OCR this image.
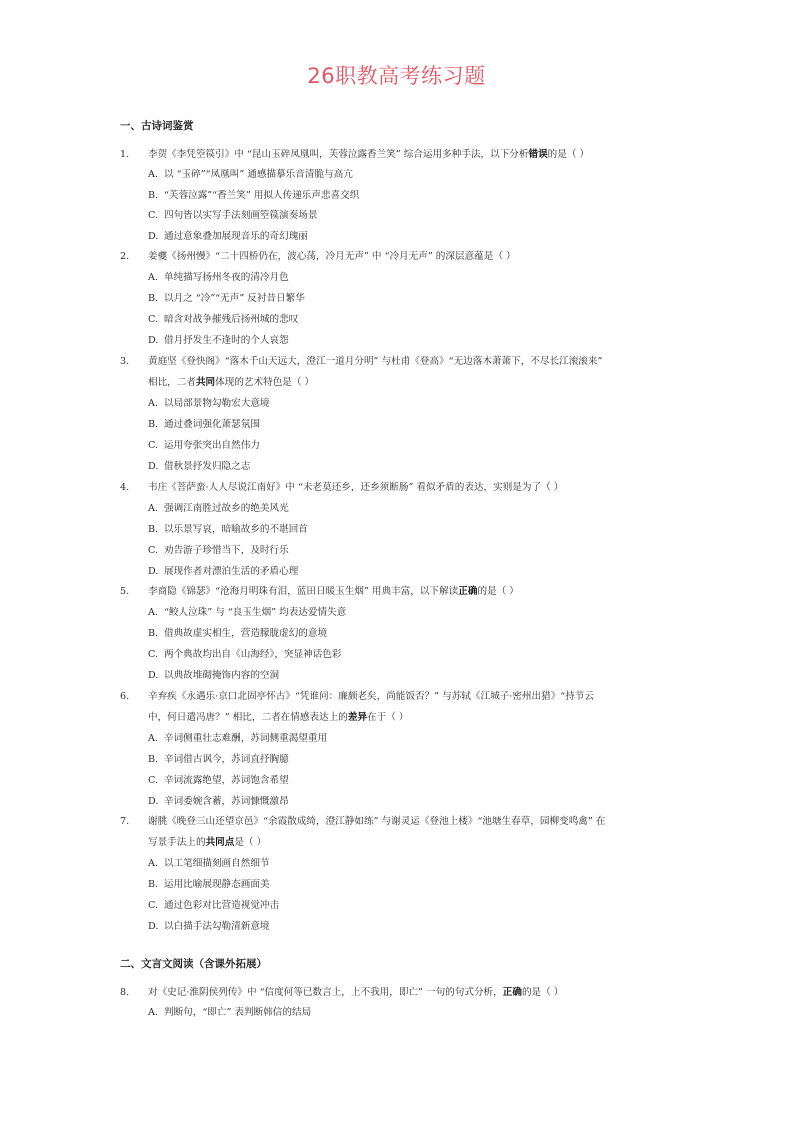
26职教高考练习题
一、古诗词鉴赏
1. 李贺《李凭箜篌引》中 “昆山玉碎凤凰叫，芙蓉泣露香兰笑” 综合运用多种手法，以下分析错误的是（ ）
A. 以 “玉碎”“凤凰叫” 通感描摹乐音清脆与高亢
B. “芙蓉泣露”“香兰笑” 用拟人传递乐声悲喜交织
C. 四句皆以实写手法刻画箜篌演奏场景
D. 通过意象叠加展现音乐的奇幻瑰丽
2. 姜夔《扬州慢》“二十四桥仍在，波心荡，冷月无声” 中 “冷月无声” 的深层意蕴是（ ）
A. 单纯描写扬州冬夜的清冷月色
B. 以月之 “冷”“无声” 反衬昔日繁华
C. 暗含对战争摧残后扬州城的悲叹
D. 借月抒发生不逢时的个人哀怨
3. 黄庭坚《登快阁》“落木千山天远大，澄江一道月分明” 与杜甫《登高》“无边落木萧萧下，不尽长江滚滚来”
相比，二者共同体现的艺术特色是（ ）
A. 以局部景物勾勒宏大意境
B. 通过叠词强化萧瑟氛围
C. 运用夸张突出自然伟力
D. 借秋景抒发归隐之志
4. 韦庄《菩萨蛮·人人尽说江南好》中 “未老莫还乡，还乡须断肠” 看似矛盾的表达，实则是为了（ ）
A. 强调江南胜过故乡的绝美风光
B. 以乐景写哀，暗喻故乡的不堪回首
C. 劝告游子珍惜当下，及时行乐
D. 展现作者对漂泊生活的矛盾心理
5. 李商隐《锦瑟》“沧海月明珠有泪，蓝田日暖玉生烟” 用典丰富，以下解读正确的是（ ）
A. “鲛人泣珠” 与 “良玉生烟” 均表达爱情失意
B. 借典故虚实相生，营造朦胧虚幻的意境
C. 两个典故均出自《山海经》，突显神话色彩
D. 以典故堆砌掩饰内容的空洞
6. 辛弃疾《永遇乐·京口北固亭怀古》“凭谁问：廉颇老矣，尚能饭否？” 与苏轼《江城子·密州出猎》“持节云
中，何日遣冯唐？” 相比，二者在情感表达上的差异在于（ ）
A. 辛词侧重壮志难酬，苏词侧重渴望重用
B. 辛词借古讽今，苏词直抒胸臆
C. 辛词流露绝望，苏词饱含希望
D. 辛词委婉含蓄，苏词慷慨激昂
7. 谢朓《晚登三山还望京邑》“余霞散成绮，澄江静如练” 与谢灵运《登池上楼》“池塘生春草，园柳变鸣禽” 在
写景手法上的共同点是（ ）
A. 以工笔细描刻画自然细节
B. 运用比喻展现静态画面美
C. 通过色彩对比营造视觉冲击
D. 以白描手法勾勒清新意境
二、文言文阅读（含课外拓展）
8. 对《史记·淮阴侯列传》中 “信度何等已数言上，上不我用，即亡” 一句的句式分析，正确的是（ ）
A. 判断句，“即亡” 表判断韩信的结局
